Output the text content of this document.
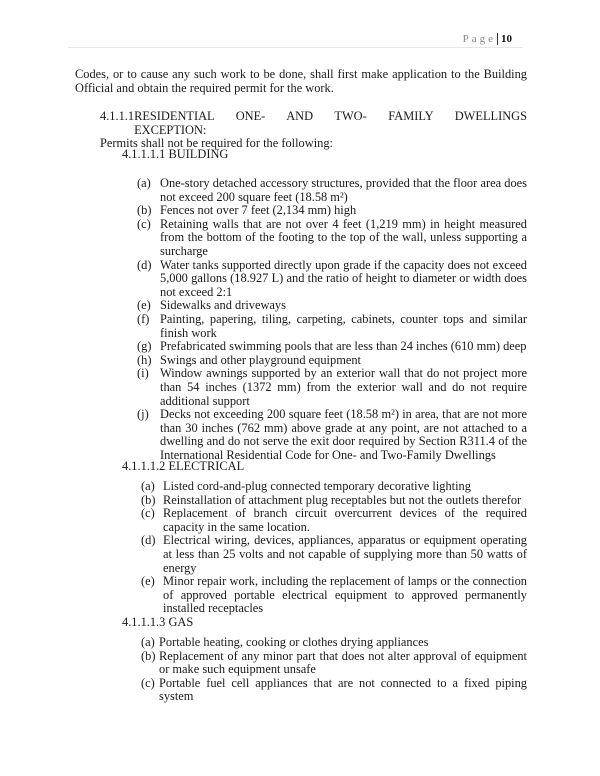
Page 10
Codes, or to cause any such work to be done, shall first make application to the Building Official and obtain the required permit for the work.
4.1.1.1 RESIDENTIAL ONE- AND TWO- FAMILY DWELLINGS EXCEPTION:
Permits shall not be required for the following:
4.1.1.1.1 BUILDING
(a) One-story detached accessory structures, provided that the floor area does not exceed 200 square feet (18.58 m²)
(b) Fences not over 7 feet (2,134 mm) high
(c) Retaining walls that are not over 4 feet (1,219 mm) in height measured from the bottom of the footing to the top of the wall, unless supporting a surcharge
(d) Water tanks supported directly upon grade if the capacity does not exceed 5,000 gallons (18.927 L) and the ratio of height to diameter or width does not exceed 2:1
(e) Sidewalks and driveways
(f) Painting, papering, tiling, carpeting, cabinets, counter tops and similar finish work
(g) Prefabricated swimming pools that are less than 24 inches (610 mm) deep
(h) Swings and other playground equipment
(i) Window awnings supported by an exterior wall that do not project more than 54 inches (1372 mm) from the exterior wall and do not require additional support
(j) Decks not exceeding 200 square feet (18.58 m²) in area, that are not more than 30 inches (762 mm) above grade at any point, are not attached to a dwelling and do not serve the exit door required by Section R311.4 of the International Residential Code for One- and Two-Family Dwellings
4.1.1.1.2 ELECTRICAL
(a) Listed cord-and-plug connected temporary decorative lighting
(b) Reinstallation of attachment plug receptables but not the outlets therefor
(c) Replacement of branch circuit overcurrent devices of the required capacity in the same location.
(d) Electrical wiring, devices, appliances, apparatus or equipment operating at less than 25 volts and not capable of supplying more than 50 watts of energy
(e) Minor repair work, including the replacement of lamps or the connection of approved portable electrical equipment to approved permanently installed receptacles
4.1.1.1.3 GAS
(a) Portable heating, cooking or clothes drying appliances
(b) Replacement of any minor part that does not alter approval of equipment or make such equipment unsafe
(c) Portable fuel cell appliances that are not connected to a fixed piping system
